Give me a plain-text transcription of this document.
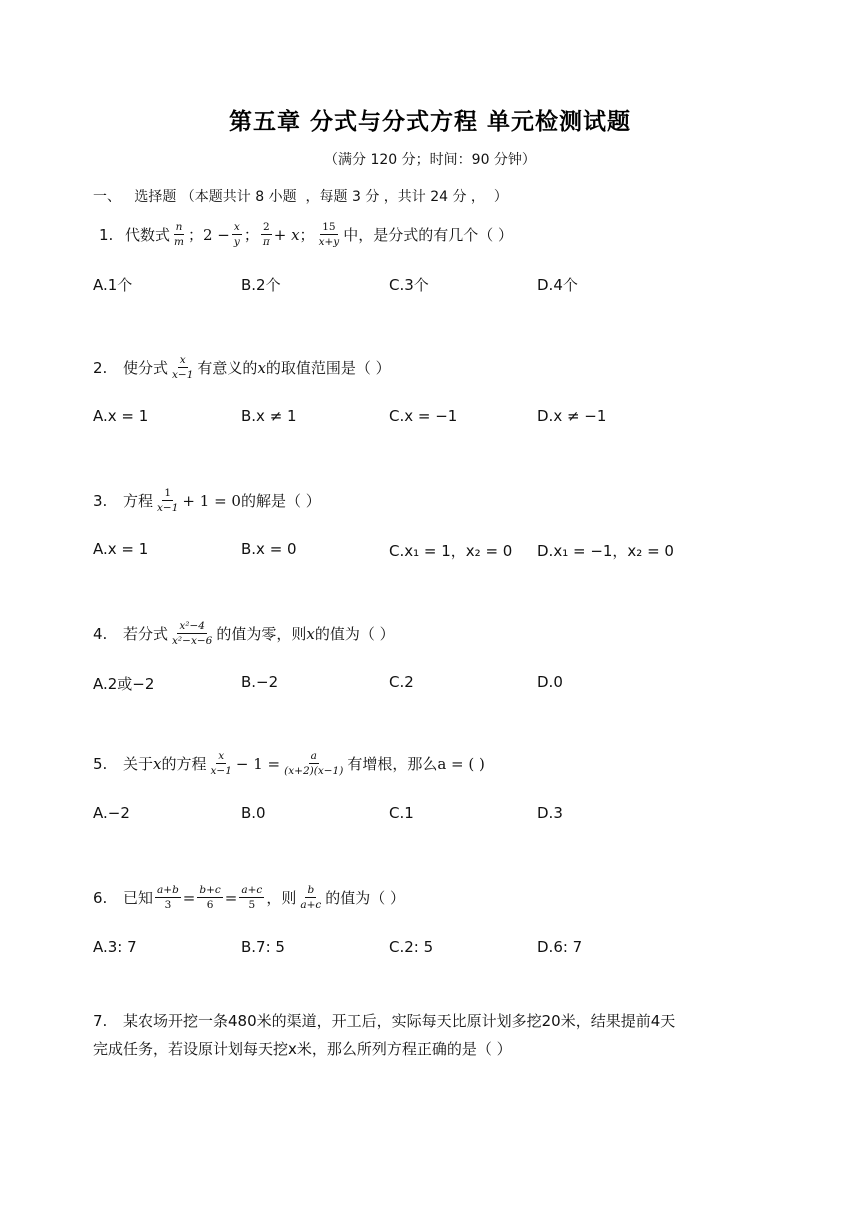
第五章 分式与分式方程 单元检测试题
（满分 120 分；时间：90 分钟）
一、   选择题 （本题共计 8 小题  ，每题 3 分 ，共计 24 分 ，  ）
1. 代数式 $\frac{n}{m}$ ；$2 - \frac{x}{y}$ ； $\frac{2}{\pi} + x$； $\frac{15}{x+y}$ 中，是分式的有几个（ ）
A.1个	B.2个	C.3个	D.4个
2.	使分式 $\frac{x}{x-1}$ 有意义的 x 的取值范围是（ ）
A.x = 1	B.x ≠ 1	C.x = −1	D.x ≠ −1
3.	方程 $\frac{1}{x-1} + 1 = 0$ 的解是（ ）
A.x = 1	B.x = 0	C.x₁ = 1，x₂ = 0 D.x₁ = −1，x₂ = 0
4.	若分式 $\frac{\text{x²−4}}{\text{x²−x−6}}$ 的值为零，则 x 的值为（ ）
A.2或−2	B.−2	C.2	D.0
5.	关于 x 的方程 $\frac{x}{x-1} - 1 = \frac{a}{(x+2)(x-1)}$ 有增根，那么 a = ( )
A.−2	B.0	C.1	D.3
6.	已知 $\frac{a+b}{3} = \frac{b+c}{6} = \frac{a+c}{5}$ ，则 $\frac{b}{a+c}$ 的值为（ ）
A.3: 7	B.7: 5	C.2: 5	D.6: 7
7. 某农场开挖一条480米的渠道，开工后，实际每天比原计划多挖20米，结果提前4天
完成任务，若设原计划每天挖x米，那么所列方程正确的是（ ）
